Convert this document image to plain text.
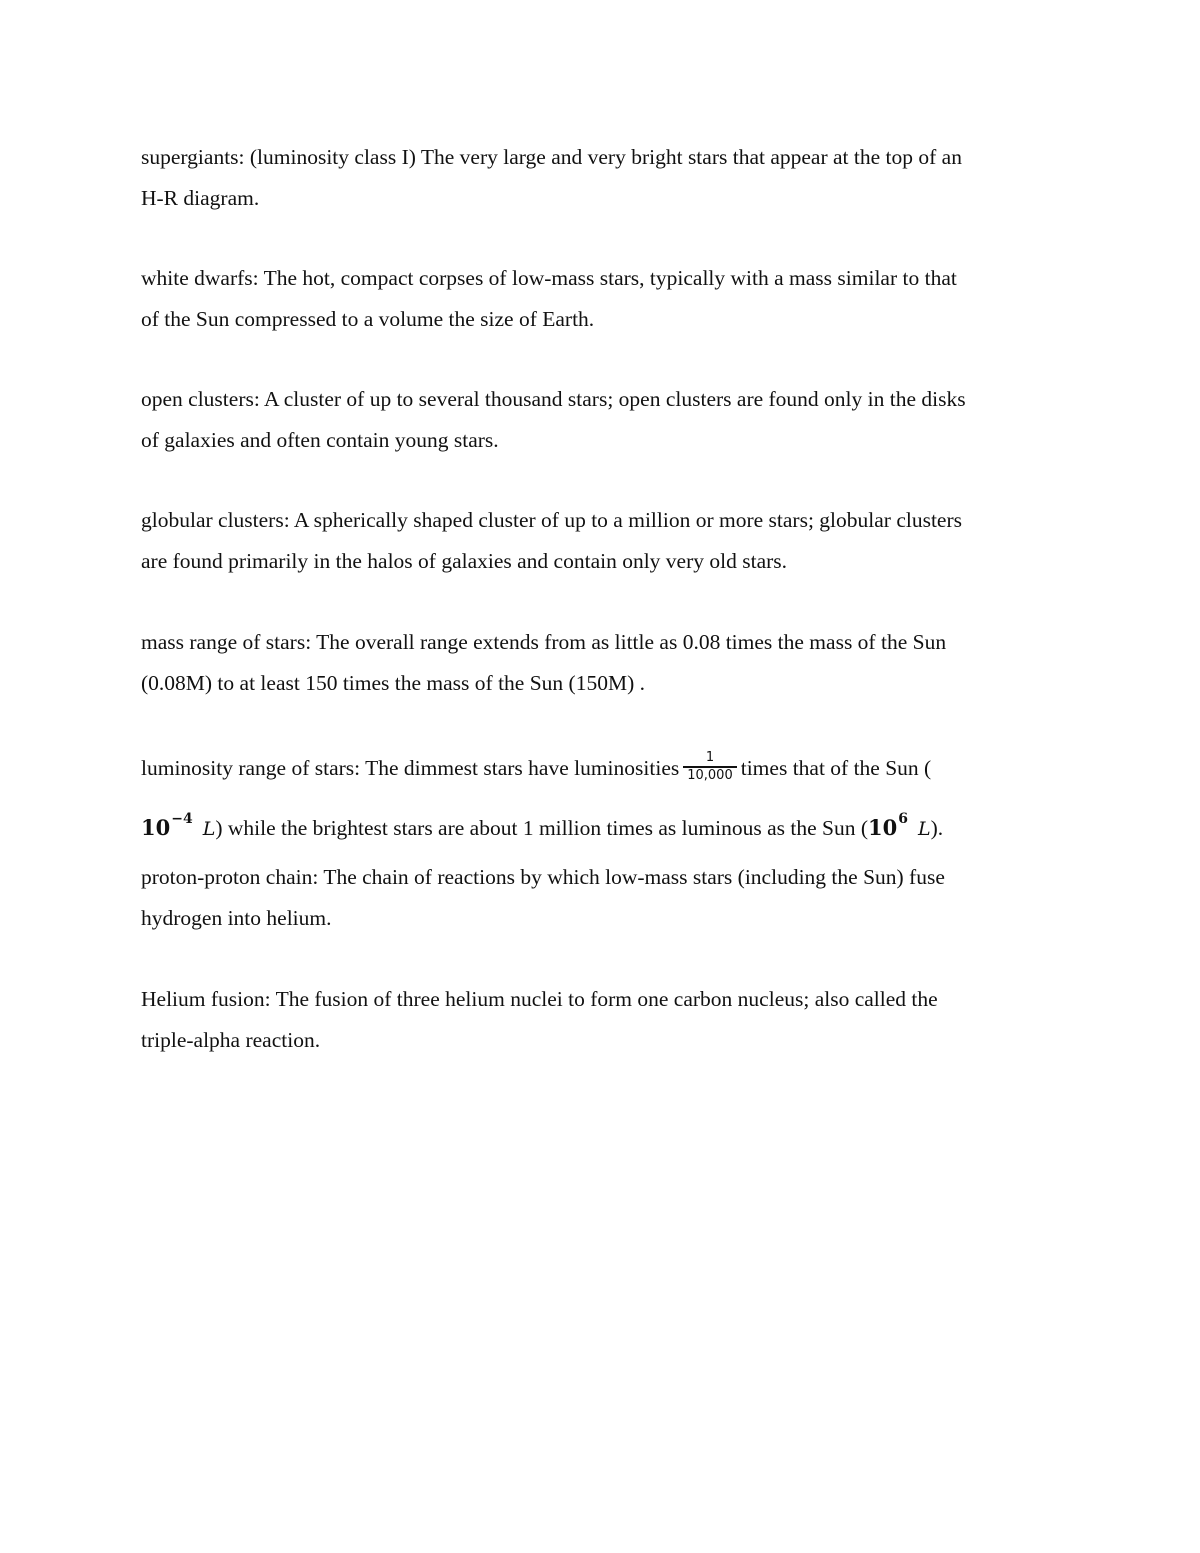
supergiants: (luminosity class I) The very large and very bright stars that appear at the top of an
H-R diagram.

white dwarfs: The hot, compact corpses of low-mass stars, typically with a mass similar to that
of the Sun compressed to a volume the size of Earth.

open clusters: A cluster of up to several thousand stars; open clusters are found only in the disks
of galaxies and often contain young stars.

globular clusters: A spherically shaped cluster of up to a million or more stars; globular clusters
are found primarily in the halos of galaxies and contain only very old stars.

mass range of stars: The overall range extends from as little as 0.08 times the mass of the Sun
(0.08M) to at least 150 times the mass of the Sun (150M) .

luminosity range of stars: The dimmest stars have luminosities $\frac{1}{10,000}$ times that of the Sun (
$10^{-4}$ L) while the brightest stars are about 1 million times as luminous as the Sun ($10^6$ L).

proton-proton chain: The chain of reactions by which low-mass stars (including the Sun) fuse
hydrogen into helium.

Helium fusion: The fusion of three helium nuclei to form one carbon nucleus; also called the
triple-alpha reaction.
